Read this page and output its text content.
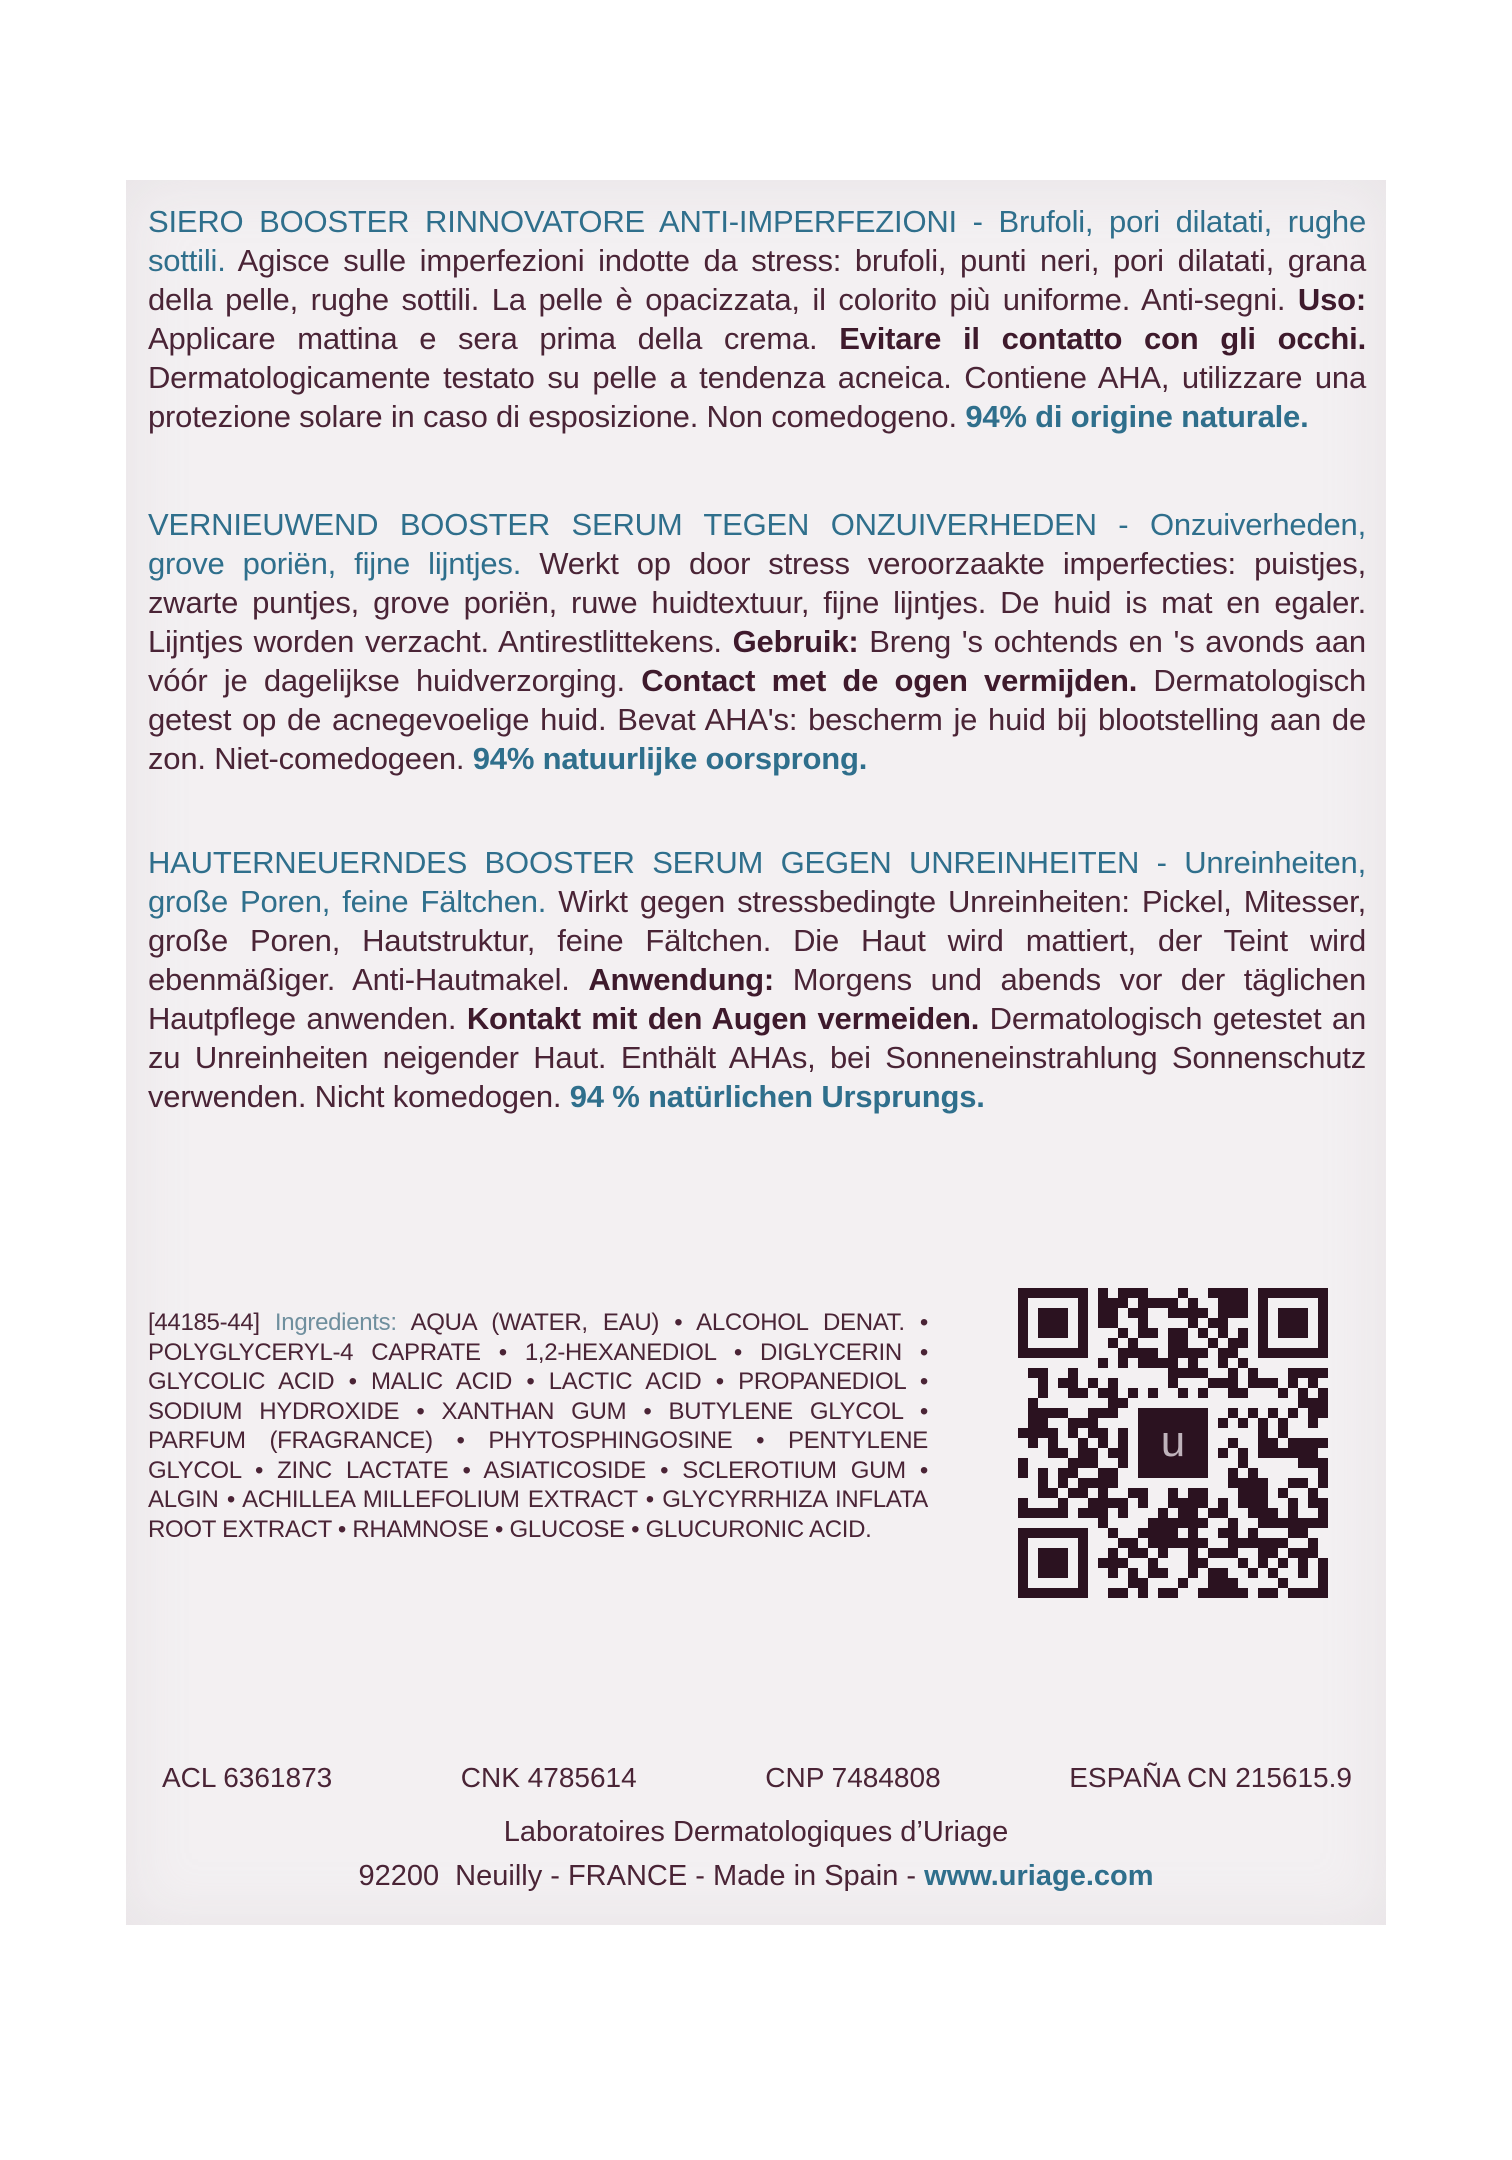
SIERO BOOSTER RINNOVATORE ANTI-IMPERFEZIONI - Brufoli, pori dilatati, rughe sottili. Agisce sulle imperfezioni indotte da stress: brufoli, punti neri, pori dilatati, grana della pelle, rughe sottili. La pelle è opacizzata, il colorito più uniforme. Anti-segni. Uso: Applicare mattina e sera prima della crema. Evitare il contatto con gli occhi. Dermatologicamente testato su pelle a tendenza acneica. Contiene AHA, utilizzare una protezione solare in caso di esposizione. Non comedogeno. 94% di origine naturale.
VERNIEUWEND BOOSTER SERUM TEGEN ONZUIVERHEDEN - Onzuiverheden, grove poriën, fijne lijntjes. Werkt op door stress veroorzaakte imperfecties: puistjes, zwarte puntjes, grove poriën, ruwe huidtextuur, fijne lijntjes. De huid is mat en egaler. Lijntjes worden verzacht. Antirestlittekens. Gebruik: Breng 's ochtends en 's avonds aan vóór je dagelijkse huidverzorging. Contact met de ogen vermijden. Dermatologisch getest op de acnegevoelige huid. Bevat AHA's: bescherm je huid bij blootstelling aan de zon. Niet-comedogeen. 94% natuurlijke oorsprong.
HAUTERNEUERNDES BOOSTER SERUM GEGEN UNREINHEITEN - Unreinheiten, große Poren, feine Fältchen. Wirkt gegen stressbedingte Unreinheiten: Pickel, Mitesser, große Poren, Hautstruktur, feine Fältchen. Die Haut wird mattiert, der Teint wird ebenmäßiger. Anti-Hautmakel. Anwendung: Morgens und abends vor der täglichen Hautpflege anwenden. Kontakt mit den Augen vermeiden. Dermatologisch getestet an zu Unreinheiten neigender Haut. Enthält AHAs, bei Sonneneinstrahlung Sonnenschutz verwenden. Nicht komedogen. 94 % natürlichen Ursprungs.
[44185-44] Ingredients: AQUA (WATER, EAU) • ALCOHOL DENAT. • POLYGLYCERYL-4 CAPRATE • 1,2-HEXANEDIOL • DIGLYCERIN • GLYCOLIC ACID • MALIC ACID • LACTIC ACID • PROPANEDIOL • SODIUM HYDROXIDE • XANTHAN GUM • BUTYLENE GLYCOL • PARFUM (FRAGRANCE) • PHYTOSPHINGOSINE • PENTYLENE GLYCOL • ZINC LACTATE • ASIATICOSIDE • SCLEROTIUM GUM • ALGIN • ACHILLEA MILLEFOLIUM EXTRACT • GLYCYRRHIZA INFLATA ROOT EXTRACT • RHAMNOSE • GLUCOSE • GLUCURONIC ACID.
u
ACL 6361873	CNK 4785614	CNP 7484808	ESPAÑA CN 215615.9
Laboratoires Dermatologiques d’Uriage
92200 Neuilly - FRANCE - Made in Spain - www.uriage.com
